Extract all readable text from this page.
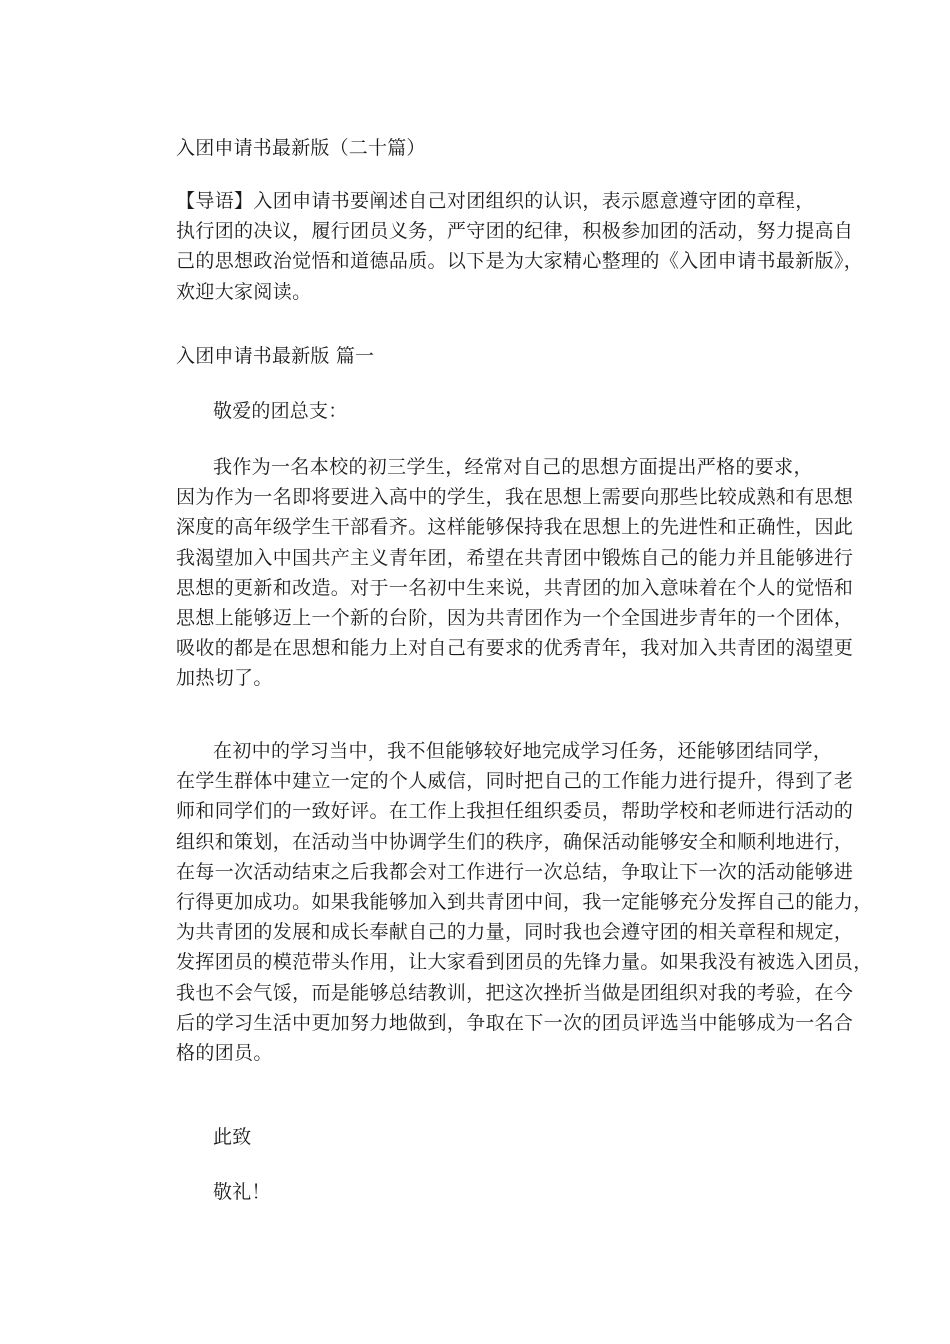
入团申请书最新版（二十篇）
【导语】入团申请书要阐述自己对团组织的认识，表示愿意遵守团的章程，
执行团的决议，履行团员义务，严守团的纪律，积极参加团的活动，努力提高自
己的思想政治觉悟和道德品质。以下是为大家精心整理的《入团申请书最新版》，
欢迎大家阅读。
入团申请书最新版 篇一
敬爱的团总支：
我作为一名本校的初三学生，经常对自己的思想方面提出严格的要求，
因为作为一名即将要进入高中的学生，我在思想上需要向那些比较成熟和有思想
深度的高年级学生干部看齐。这样能够保持我在思想上的先进性和正确性，因此
我渴望加入中国共产主义青年团，希望在共青团中锻炼自己的能力并且能够进行
思想的更新和改造。对于一名初中生来说，共青团的加入意味着在个人的觉悟和
思想上能够迈上一个新的台阶，因为共青团作为一个全国进步青年的一个团体，
吸收的都是在思想和能力上对自己有要求的优秀青年，我对加入共青团的渴望更
加热切了。
在初中的学习当中，我不但能够较好地完成学习任务，还能够团结同学，
在学生群体中建立一定的个人威信，同时把自己的工作能力进行提升，得到了老
师和同学们的一致好评。在工作上我担任组织委员，帮助学校和老师进行活动的
组织和策划，在活动当中协调学生们的秩序，确保活动能够安全和顺利地进行，
在每一次活动结束之后我都会对工作进行一次总结，争取让下一次的活动能够进
行得更加成功。如果我能够加入到共青团中间，我一定能够充分发挥自己的能力，
为共青团的发展和成长奉献自己的力量，同时我也会遵守团的相关章程和规定，
发挥团员的模范带头作用，让大家看到团员的先锋力量。如果我没有被选入团员，
我也不会气馁，而是能够总结教训，把这次挫折当做是团组织对我的考验，在今
后的学习生活中更加努力地做到，争取在下一次的团员评选当中能够成为一名合
格的团员。
此致
敬礼！
